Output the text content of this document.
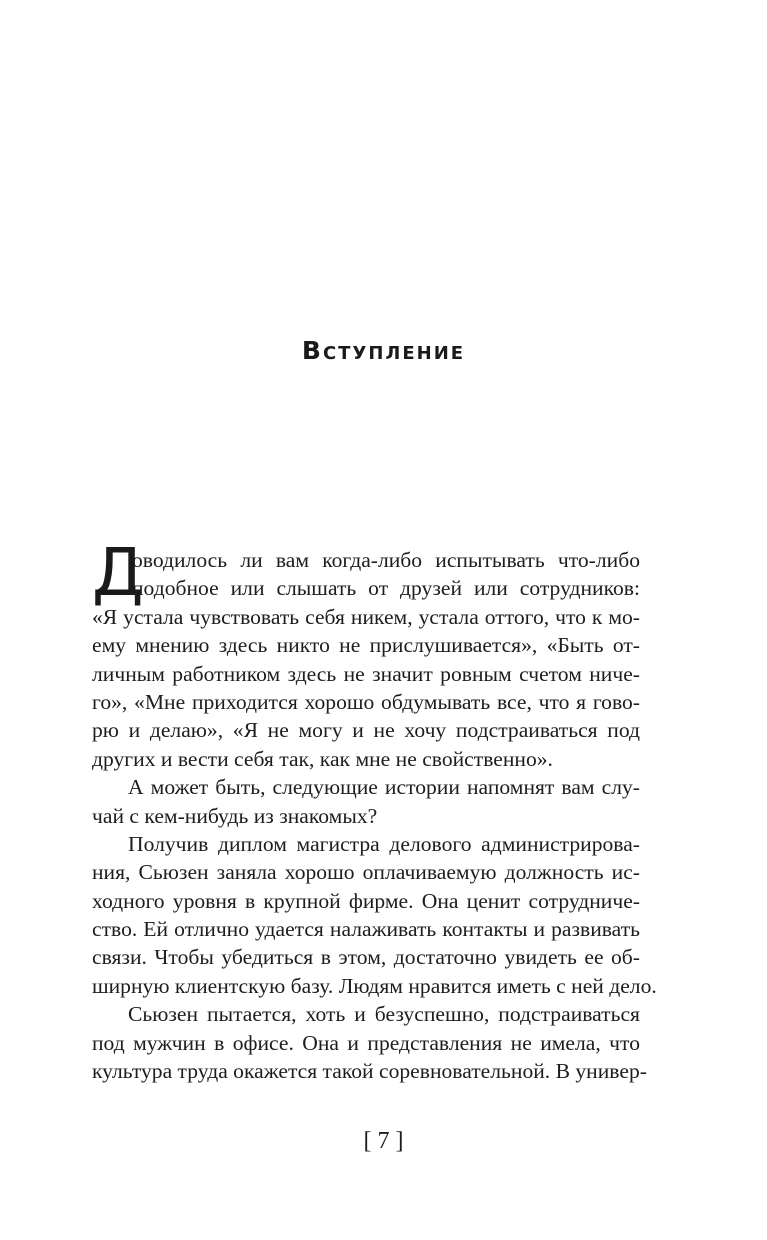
Вступление
Д
оводилось ли вам когда-либо испытывать что-либо
подобное или слышать от друзей или сотрудников:
«Я устала чувствовать себя никем, устала оттого, что к мо-
ему мнению здесь никто не прислушивается», «Быть от-
личным работником здесь не значит ровным счетом ниче-
го», «Мне приходится хорошо обдумывать все, что я гово-
рю и делаю», «Я не могу и не хочу подстраиваться под
других и вести себя так, как мне не свойственно».
А может быть, следующие истории напомнят вам слу-
чай с кем-нибудь из знакомых?
Получив диплом магистра делового администрирова-
ния, Сьюзен заняла хорошо оплачиваемую должность ис-
ходного уровня в крупной фирме. Она ценит сотрудниче-
ство. Ей отлично удается налаживать контакты и развивать
связи. Чтобы убедиться в этом, достаточно увидеть ее об-
ширную клиентскую базу. Людям нравится иметь с ней дело.
Сьюзен пытается, хоть и безуспешно, подстраиваться
под мужчин в офисе. Она и представления не имела, что
культура труда окажется такой соревновательной. В универ-
[ 7 ]
